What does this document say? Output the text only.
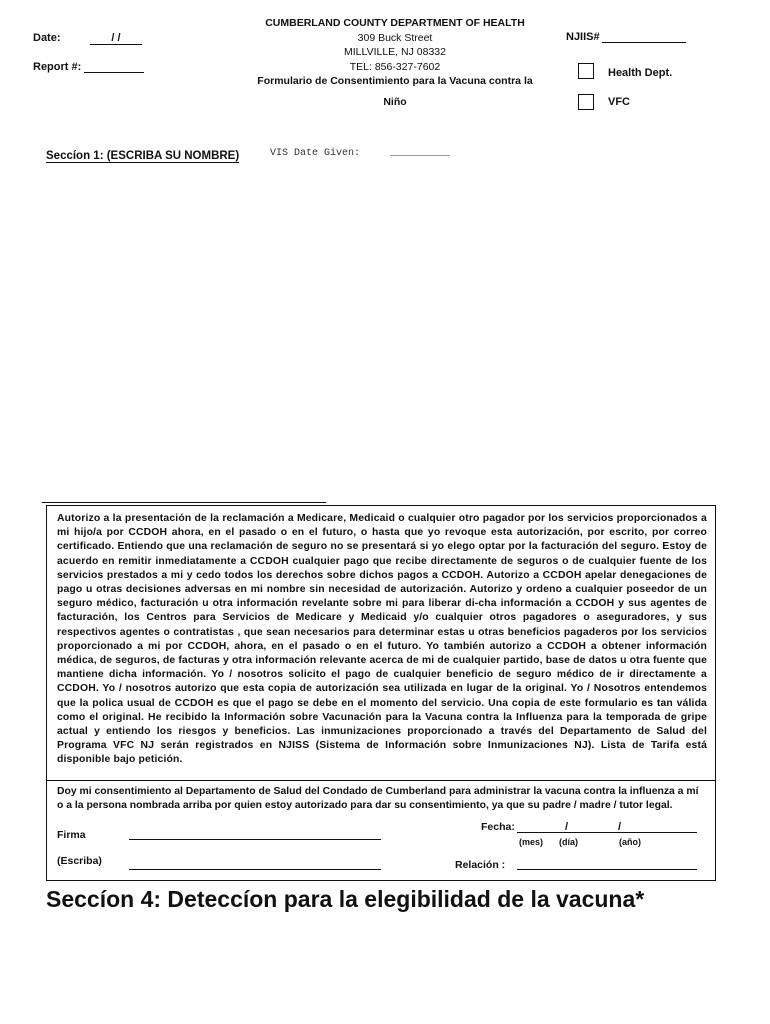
Date:	/ /
Report #:
CUMBERLAND COUNTY DEPARTMENT OF HEALTH
309 Buck Street
MILLVILLE, NJ 08332
TEL: 856-327-7602
Formulario de Consentimiento para la Vacuna contra la
Niño
NJIIS#
Health Dept.
VFC
Seccíon 1: (ESCRIBA SU NOMBRE)	VIS Date Given:	__________
Autorizo a la presentación de la reclamación a Medicare, Medicaid o cualquier otro pagador por los servicios proporcionados a mi hijo/a por CCDOH ahora, en el pasado o en el futuro, o hasta que yo revoque esta autorización, por escrito, por correo certificado. Entiendo que una reclamación de seguro no se presentará si yo elego optar por la facturación del seguro. Estoy de acuerdo en remitir inmediatamente a CCDOH cualquier pago que recibe directamente de seguros o de cualquier fuente de los servicios prestados a mi y cedo todos los derechos sobre dichos pagos a CCDOH. Autorizo a CCDOH apelar denegaciones de pago u otras decisiones adversas en mi nombre sin necesidad de autorización. Autorizo y ordeno a cualquier poseedor de un seguro médico, facturación u otra información revelante sobre mi para liberar di-cha información a CCDOH y sus agentes de facturación, los Centros para Servicios de Medicare y Medicaid y/o cualquier otros pagadores o aseguradores, y sus respectivos agentes o contratistas , que sean necesarios para determinar estas u otras beneficios pagaderos por los servicios proporcionado a mi por CCDOH, ahora, en el pasado o en el futuro. Yo también autorizo a CCDOH a obtener información médica, de seguros, de facturas y otra información relevante acerca de mi de cualquier partido, base de datos u otra fuente que mantiene dicha información. Yo / nosotros solicito el pago de cualquier beneficio de seguro médico de ir directamente a CCDOH. Yo / nosotros autorizo que esta copia de autorización sea utilizada en lugar de la original. Yo / Nosotros entendemos que la polica usual de CCDOH es que el pago se debe en el momento del servicio. Una copia de este formulario es tan válida como el original. He recibido la Información sobre Vacunación para la Vacuna contra la Influenza para la temporada de gripe actual y entiendo los riesgos y beneficios. Las inmunizaciones proporcionado a través del Departamento de Salud del Programa VFC NJ serán registrados en NJISS (Sistema de Información sobre Inmunizaciones NJ). Lista de Tarifa está disponible bajo petición.
Doy mi consentimiento al Departamento de Salud del Condado de Cumberland para administrar la vacuna contra la influenza a mí o a la persona nombrada arriba por quien estoy autorizado para dar su consentimiento, ya que su padre / madre / tutor legal.
Firma
Fecha:	/	/
(mes) (día)	(año)
(Escriba)	Relación :
Seccíon 4: Deteccíon para la elegibilidad de la vacuna*
